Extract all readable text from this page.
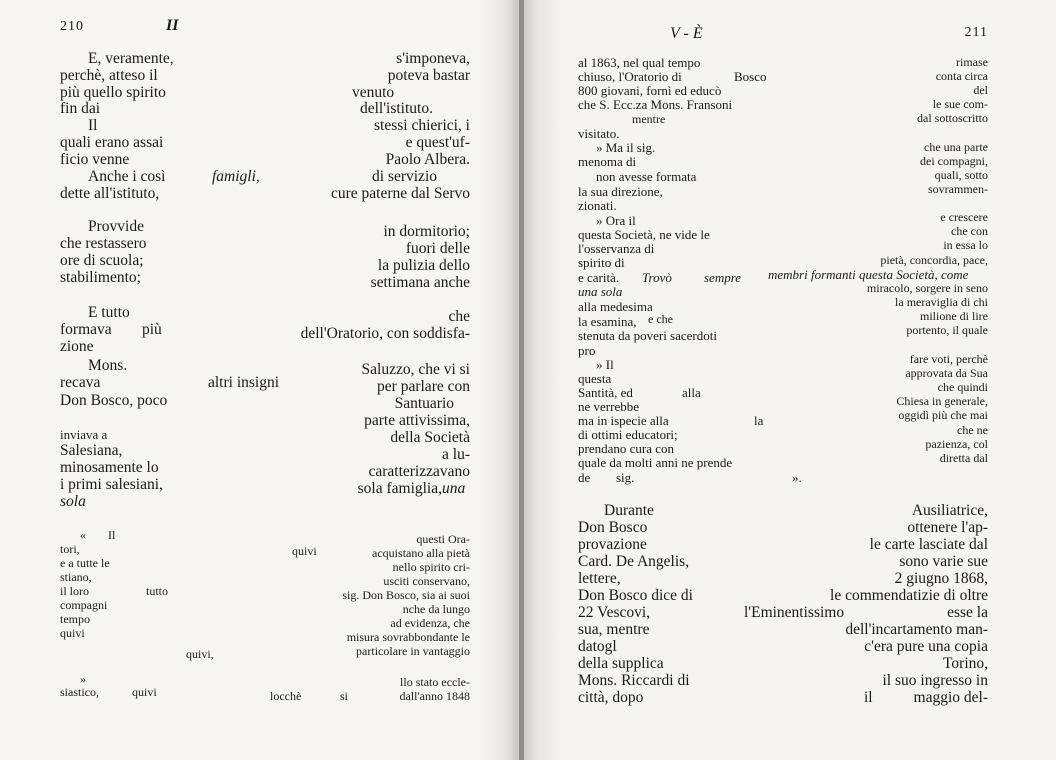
210	II
E, veramente,
perchè, atteso il
più quello spirito
fin dai
Il
quali erano assai
ficio venne
Anche i così
dette all'istituto,
s'imponeva,
poteva bastar
venuto
dell'istituto.
stessi chierici, i
e quest'uf-
Paolo Albera.
famigli,	di servizio
cure paterne dal Servo
Provvide
che restassero
ore di scuola;
stabilimento;
in dormitorio;
fuori delle
la pulizia dello
settimana anche
E tutto
formava più
zione
che
dell'Oratorio, con soddisfa-
Mons.
recava	altri insigni
Don Bosco, poco
Saluzzo, che vi si
per parlare con
Santuario
parte attivissima,
inviava a
Salesiana,
minosamente lo
i primi salesiani,
sola
della Società
a lu-
caratterizzavano
sola famiglia, una
« Il
tori,
e a tutte le
stiano,
il loro	tutto
compagni
tempo
quivi
questi Ora-
quivi	acquistano alla pietà
nello spirito cri-
usciti conservano,
sig. Don Bosco, sia ai suoi
nche da lungo
ad evidenza, che
misura sovrabbondante le
quivi,	particolare in vantaggio
»
siastico,	quivi	locchè	si
llo stato eccle-
dall'anno 1848
V - È	211
al 1863, nel qual tempo
chiuso, l'Oratorio di	Bosco
800 giovani, fornì ed educò
che S. Ecc.za Mons. Fransoni
mentre
visitato.
» Ma il sig.
menoma di
non avesse formata
la sua direzione,
zionati.
» Ora il
questa Società, ne vide le
l'osservanza di
spirito di
e carità. Trovò sempre membri formanti questa Società, come
una sola
alla medesima
la esamina, e che
stenuta da poveri sacerdoti
pro
» Il
questa
Santità, ed	alla
ne verrebbe
ma in ispecie alla	la
di ottimi educatori;
prendano cura con
quale da molti anni ne prende
de sig.	».
rimase
conta circa
del
le sue com-
dal sottoscritto
che una parte
dei compagni,
quali, sotto
sovrammen-
e crescere
che con
in essa lo
pietà, concordia, pace,
miracolo, sorgere in seno
la meraviglia di chi
milione di lire
portento, il quale
fare voti, perchè
approvata da Sua
che quindi
Chiesa in generale,
oggidì più che mai
che ne
pazienza, col
diretta dal
Durante
Don Bosco
provazione
Card. De Angelis,
lettere,
Don Bosco dice di
22 Vescovi,
sua, mentre
datogl
della supplica
Mons. Riccardi di
città, dopo
Ausiliatrice,
ottenere l'ap-
le carte lasciate dal
sono varie sue
2 giugno 1868,
le commendatizie di oltre
l'Eminentissimo	esse la
dell'incartamento man-
c'era pure una copia
Torino,
il suo ingresso in
il	maggio del-
